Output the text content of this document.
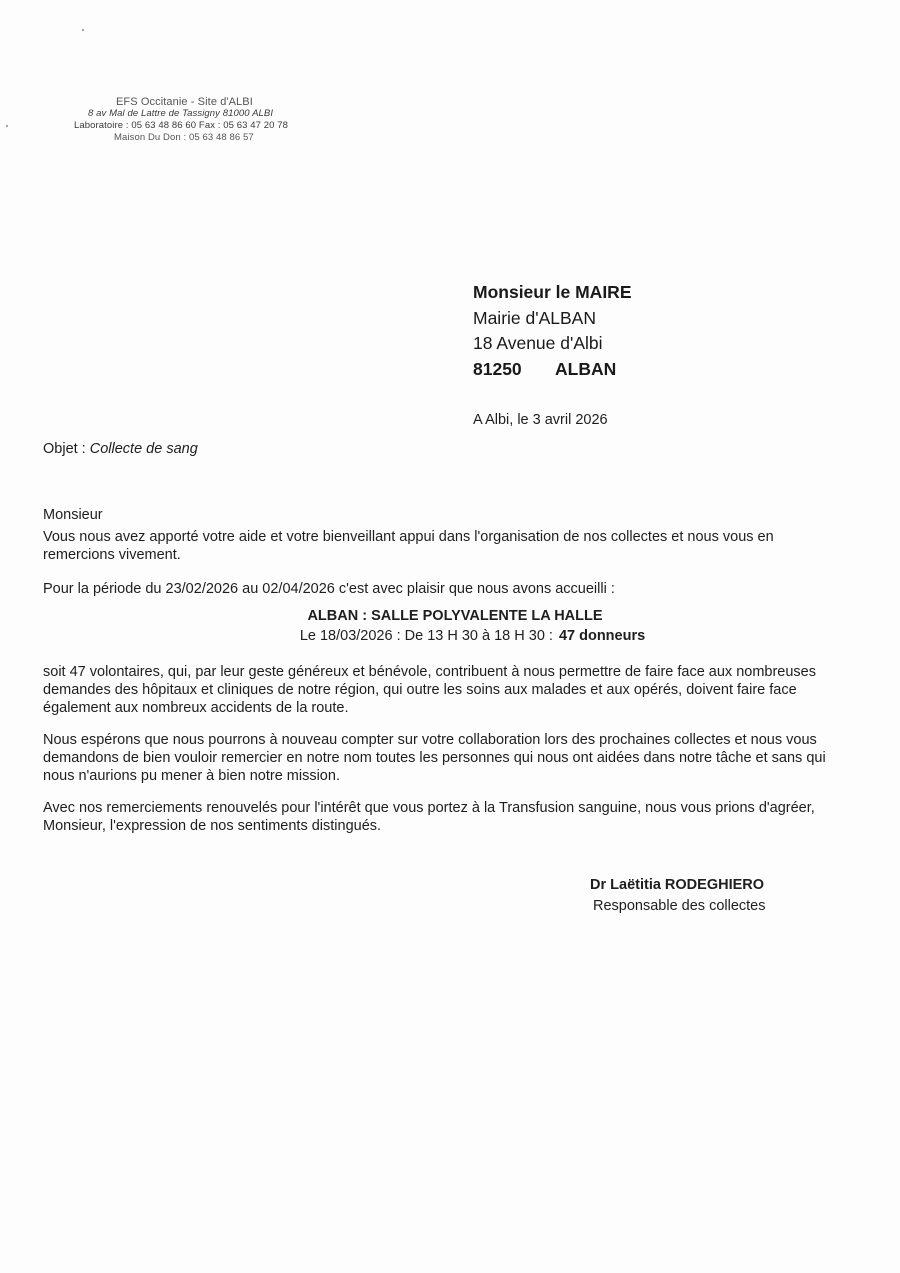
EFS Occitanie - Site d'ALBI
8 av Mal de Lattre de Tassigny 81000 ALBI
Laboratoire : 05 63 48 86 60 Fax : 05 63 47 20 78
Maison Du Don : 05 63 48 86 57
Monsieur le MAIRE
Mairie d'ALBAN
18 Avenue d'Albi
81250 ALBAN
A Albi, le 3 avril 2026
Objet : Collecte de sang
Monsieur
Vous nous avez apporté votre aide et votre bienveillant appui dans l'organisation de nos collectes et nous vous en remercions vivement.
Pour la période du 23/02/2026 au 02/04/2026 c'est avec plaisir que nous avons accueilli :
ALBAN : SALLE POLYVALENTE LA HALLE
Le 18/03/2026 : De 13 H 30 à 18 H 30 : 47 donneurs
soit 47 volontaires, qui, par leur geste généreux et bénévole, contribuent à nous permettre de faire face aux nombreuses demandes des hôpitaux et cliniques de notre région, qui outre les soins aux malades et aux opérés, doivent faire face également aux nombreux accidents de la route.
Nous espérons que nous pourrons à nouveau compter sur votre collaboration lors des prochaines collectes et nous vous demandons de bien vouloir remercier en notre nom toutes les personnes qui nous ont aidées dans notre tâche et sans qui nous n'aurions pu mener à bien notre mission.
Avec nos remerciements renouvelés pour l'intérêt que vous portez à la Transfusion sanguine, nous vous prions d'agréer, Monsieur, l'expression de nos sentiments distingués.
Dr Laëtitia RODEGHIERO
Responsable des collectes
